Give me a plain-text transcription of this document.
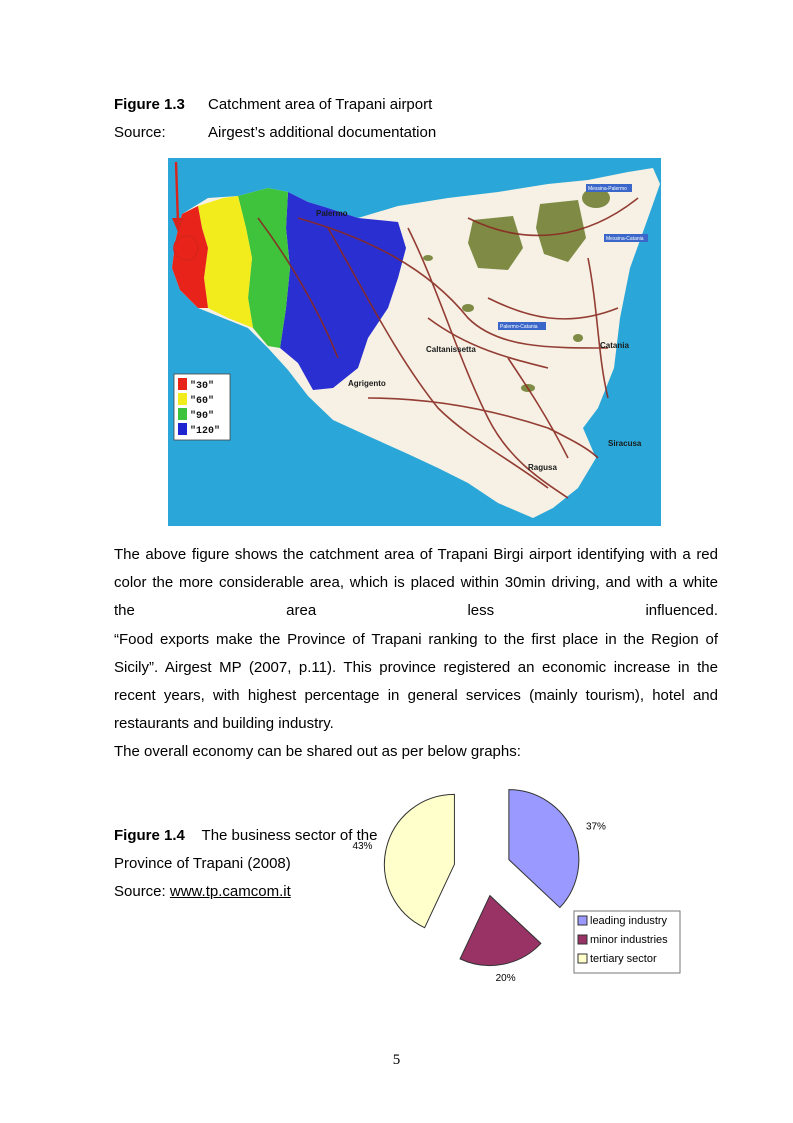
Figure 1.3 Catchment area of Trapani airport
Source:	Airgest’s additional documentation
Palermo
Catania
Caltanissetta
Agrigento
Siracusa
Ragusa
Messina-Palermo
Messina-Catania
Palermo-Catania
"30"
"60"
"90"
"120"

The above figure shows the catchment area of Trapani Birgi airport identifying with a red color the more considerable area, which is placed within 30min driving, and with a white the area less influenced.

“Food exports make the Province of Trapani ranking to the first place in the Region of Sicily”. Airgest MP (2007, p.11). This province registered an economic increase in the recent years, with highest percentage in general services (mainly tourism), hotel and restaurants and building industry.

The overall economy can be shared out as per below graphs:

Figure 1.4 The business sector of the
Province of Trapani (2008)
Source: www.tp.camcom.it
37%
20%
43%
leading industry
minor industries
tertiary sector
5
